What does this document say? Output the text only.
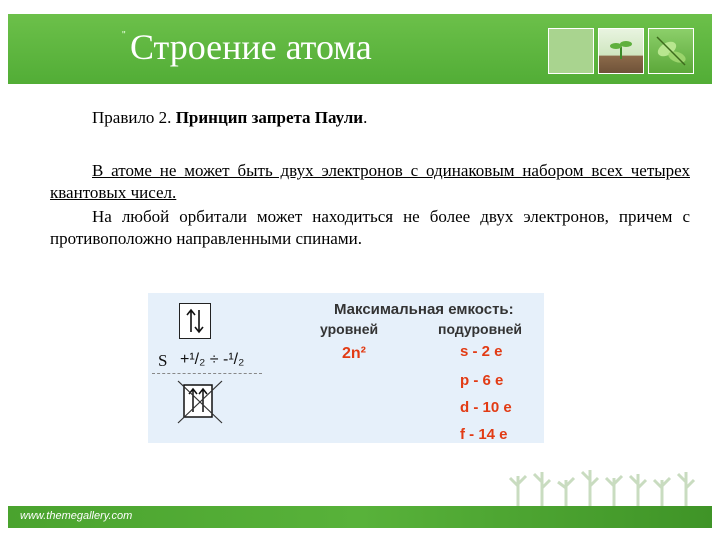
" Строение атома
Правило 2. Принцип запрета Паули.
В атоме не может быть двух электронов с одинаковым набором всех четырех квантовых чисел.
На любой орбитали может находиться не более двух электронов, причем с противоположно направленными спинами.
S +¹/₂ ÷ -¹/₂
Максимальная емкость:
уровней	подуровней
2n²	s - 2 e
p - 6 e
d - 10 e
f - 14 e
www.themegallery.com
